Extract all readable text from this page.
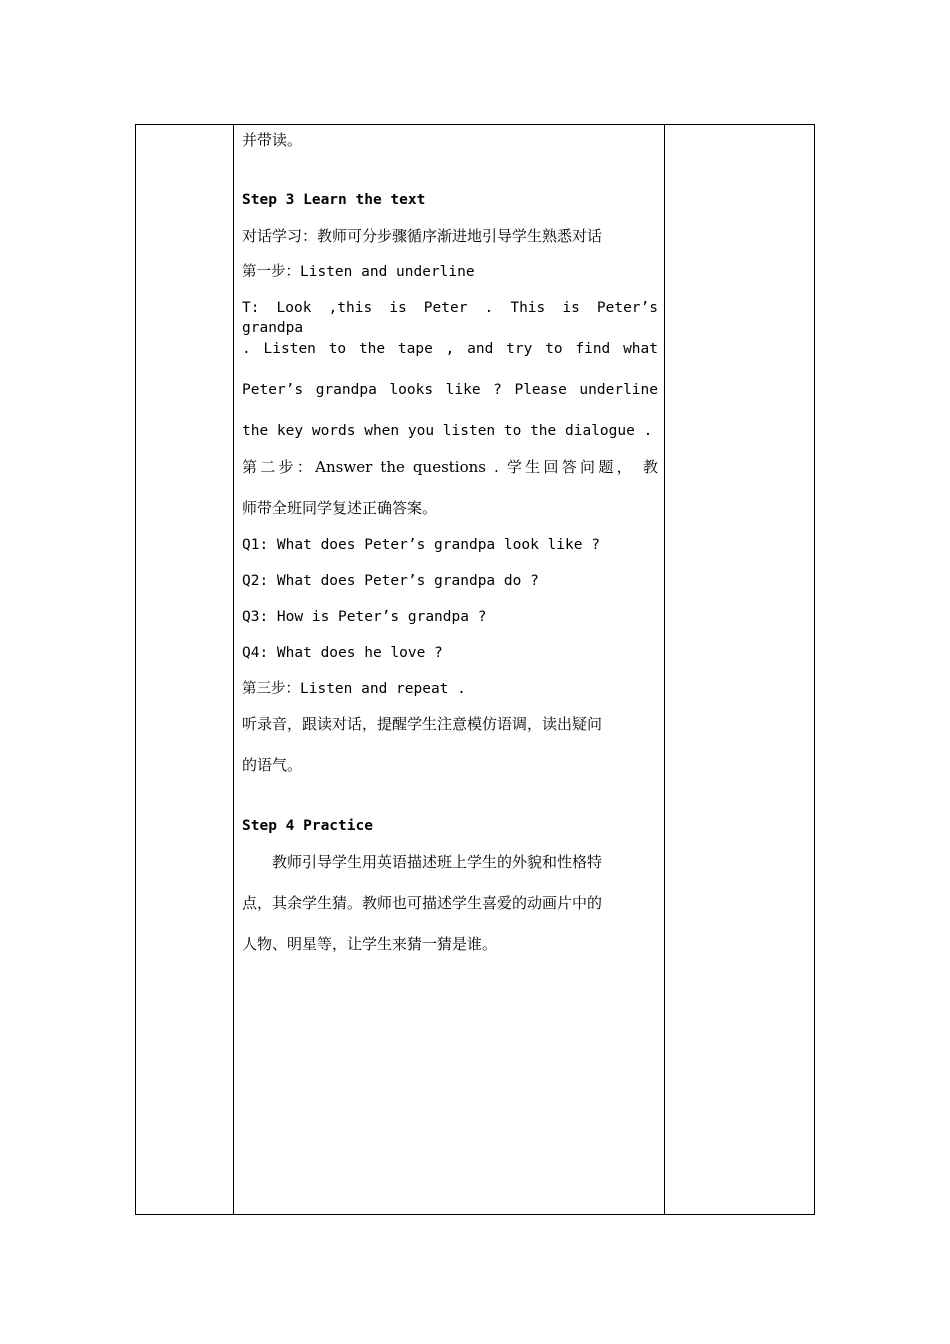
并带读。
Step 3 Learn the text
对话学习：教师可分步骤循序渐进地引导学生熟悉对话
第一步：Listen and underline
T: Look ,this is Peter . This is Peter’s grandpa
. Listen to the tape , and try to find what
Peter’s grandpa looks like ? Please underline
the key words when you listen to the dialogue .
第二步：Answer the questions . 学生回答问题， 教
师带全班同学复述正确答案。
Q1: What does Peter’s grandpa look like ?
Q2: What does Peter’s grandpa do ?
Q3: How is Peter’s grandpa ?
Q4: What does he love ?
第三步：Listen and repeat .
听录音，跟读对话，提醒学生注意模仿语调，读出疑问
的语气。
Step 4 Practice
教师引导学生用英语描述班上学生的外貌和性格特
点，其余学生猜。教师也可描述学生喜爱的动画片中的
人物、明星等，让学生来猜一猜是谁。
